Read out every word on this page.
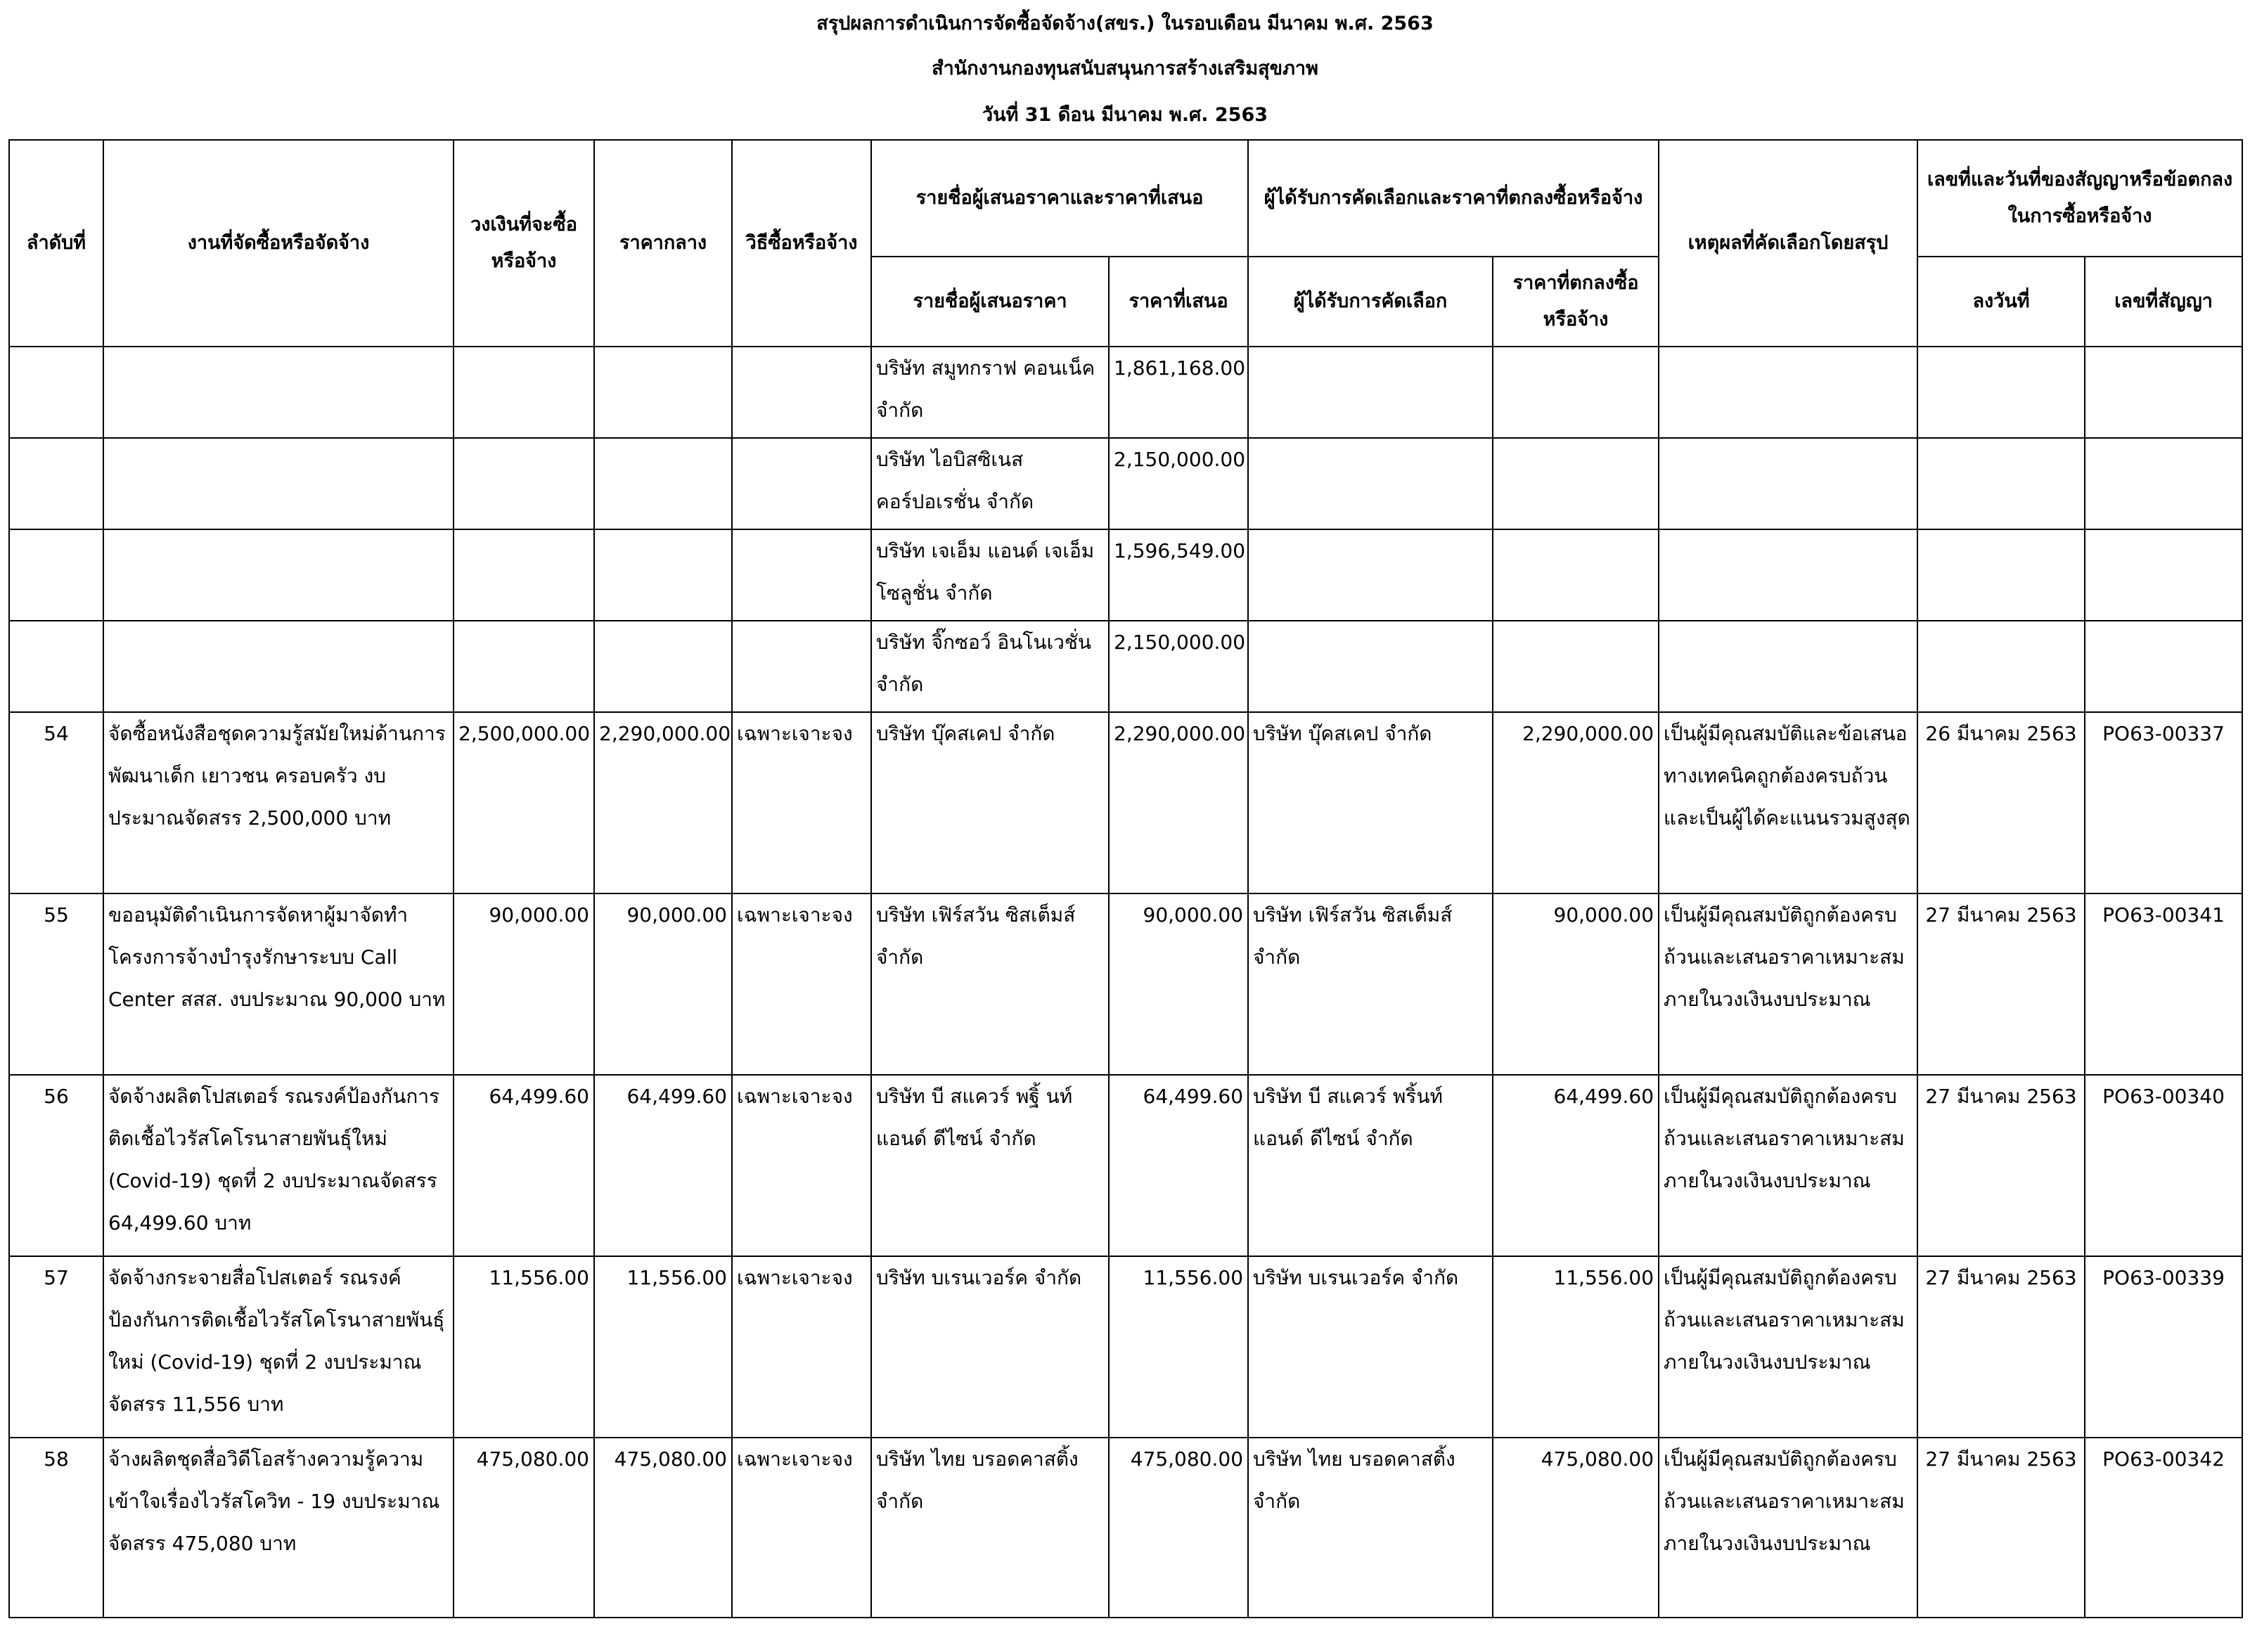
สรุปผลการดำเนินการจัดซื้อจัดจ้าง(สขร.) ในรอบเดือน มีนาคม พ.ศ. 2563
สำนักงานกองทุนสนับสนุนการสร้างเสริมสุขภาพ
วันที่ 31 ดือน มีนาคม พ.ศ. 2563
ลำดับที่	งานที่จัดซื้อหรือจัดจ้าง	วงเงินที่จะซื้อหรือจ้าง	ราคากลาง	วิธีซื้อหรือจ้าง	รายชื่อผู้เสนอราคาและราคาที่เสนอ		ผู้ได้รับการคัดเลือกและราคาที่ตกลงซื้อหรือจ้าง		เหตุผลที่คัดเลือกโดยสรุป	เลขที่และวันที่ของสัญญาหรือข้อตกลงในการซื้อหรือจ้าง	
					รายชื่อผู้เสนอราคา	ราคาที่เสนอ	ผู้ได้รับการคัดเลือก	ราคาที่ตกลงซื้อหรือจ้าง		ลงวันที่	เลขที่สัญญา
					บริษัท สมูทกราฟ คอนเน็ค จำกัด	1,861,168.00					
					บริษัท ไอบิสซิเนส คอร์ปอเรชั่น จำกัด	2,150,000.00					
					บริษัท เจเอ็ม แอนด์ เจเอ็ม โซลูชั่น จำกัด	1,596,549.00					
					บริษัท จิ๊กซอว์ อินโนเวชั่น จำกัด	2,150,000.00					
54	จัดซื้อหนังสือชุดความรู้สมัยใหม่ด้านการพัฒนาเด็ก เยาวชน ครอบครัว งบประมาณจัดสรร 2,500,000 บาท	2,500,000.00	2,290,000.00	เฉพาะเจาะจง	บริษัท บุ๊คสเคป จำกัด	2,290,000.00	บริษัท บุ๊คสเคป จำกัด	2,290,000.00	เป็นผู้มีคุณสมบัติและข้อเสนอทางเทคนิคถูกต้องครบถ้วนและเป็นผู้ได้คะแนนรวมสูงสุด	26 มีนาคม 2563	PO63-00337
55	ขออนุมัติดำเนินการจัดหาผู้มาจัดทำโครงการจ้างบำรุงรักษาระบบ Call Center สสส. งบประมาณ 90,000 บาท	90,000.00	90,000.00	เฉพาะเจาะจง	บริษัท เฟิร์สวัน ซิสเต็มส์ จำกัด	90,000.00	บริษัท เฟิร์สวัน ซิสเต็มส์ จำกัด	90,000.00	เป็นผู้มีคุณสมบัติถูกต้องครบถ้วนและเสนอราคาเหมาะสมภายในวงเงินงบประมาณ	27 มีนาคม 2563	PO63-00341
56	จัดจ้างผลิตโปสเตอร์ รณรงค์ป้องกันการติดเชื้อไวรัสโคโรนาสายพันธุ์ใหม่ (Covid-19) ชุดที่ 2 งบประมาณจัดสรร 64,499.60 บาท	64,499.60	64,499.60	เฉพาะเจาะจง	บริษัท บี สแควร์ พฐิ้ นท์ แอนด์ ดีไซน์ จำกัด	64,499.60	บริษัท บี สแควร์ พริ้นท์ แอนด์ ดีไซน์ จำกัด	64,499.60	เป็นผู้มีคุณสมบัติถูกต้องครบถ้วนและเสนอราคาเหมาะสมภายในวงเงินงบประมาณ	27 มีนาคม 2563	PO63-00340
57	จัดจ้างกระจายสื่อโปสเตอร์ รณรงค์ป้องกันการติดเชื้อไวรัสโคโรนาสายพันธุ์ใหม่ (Covid-19) ชุดที่ 2 งบประมาณจัดสรร 11,556 บาท	11,556.00	11,556.00	เฉพาะเจาะจง	บริษัท บเรนเวอร์ค จำกัด	11,556.00	บริษัท บเรนเวอร์ค จำกัด	11,556.00	เป็นผู้มีคุณสมบัติถูกต้องครบถ้วนและเสนอราคาเหมาะสมภายในวงเงินงบประมาณ	27 มีนาคม 2563	PO63-00339
58	จ้างผลิตชุดสื่อวิดีโอสร้างความรู้ความเข้าใจเรื่องไวรัสโควิท - 19 งบประมาณจัดสรร 475,080 บาท	475,080.00	475,080.00	เฉพาะเจาะจง	บริษัท ไทย บรอดคาสติ้ง จำกัด	475,080.00	บริษัท ไทย บรอดคาสติ้ง จำกัด	475,080.00	เป็นผู้มีคุณสมบัติถูกต้องครบถ้วนและเสนอราคาเหมาะสมภายในวงเงินงบประมาณ	27 มีนาคม 2563	PO63-00342
